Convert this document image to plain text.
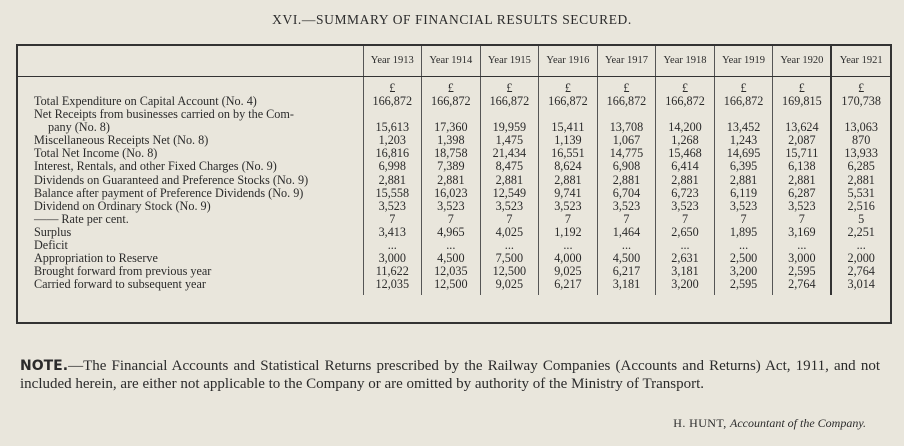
XVI.—SUMMARY OF FINANCIAL RESULTS SECURED.
	Year 1913	Year 1914	Year 1915	Year 1916	Year 1917	Year 1918	Year 1919	Year 1920	Year 1921
	£	£	£	£	£	£	£	£	£
Total Expenditure on Capital Account (No. 4)	166,872	166,872	166,872	166,872	166,872	166,872	166,872	169,815	170,738
Net Receipts from businesses carried on by the Com-									
pany (No. 8)	15,613	17,360	19,959	15,411	13,708	14,200	13,452	13,624	13,063
Miscellaneous Receipts Net (No. 8)	1,203	1,398	1,475	1,139	1,067	1,268	1,243	2,087	870
Total Net Income (No. 8)	16,816	18,758	21,434	16,551	14,775	15,468	14,695	15,711	13,933
Interest, Rentals, and other Fixed Charges (No. 9)	6,998	7,389	8,475	8,624	6,908	6,414	6,395	6,138	6,285
Dividends on Guaranteed and Preference Stocks (No. 9)	2,881	2,881	2,881	2,881	2,881	2,881	2,881	2,881	2,881
Balance after payment of Preference Dividends (No. 9)	15,558	16,023	12,549	9,741	6,704	6,723	6,119	6,287	5,531
Dividend on Ordinary Stock (No. 9)	3,523	3,523	3,523	3,523	3,523	3,523	3,523	3,523	2,516
—— Rate per cent.	7	7	7	7	7	7	7	7	5
Surplus	3,413	4,965	4,025	1,192	1,464	2,650	1,895	3,169	2,251
Deficit	...	...	...	...	...	...	...	...	...
Appropriation to Reserve	3,000	4,500	7,500	4,000	4,500	2,631	2,500	3,000	2,000
Brought forward from previous year	11,622	12,035	12,500	9,025	6,217	3,181	3,200	2,595	2,764
Carried forward to subsequent year	12,035	12,500	9,025	6,217	3,181	3,200	2,595	2,764	3,014

NOTE.—The Financial Accounts and Statistical Returns prescribed by the Railway Companies (Accounts and Returns) Act, 1911, and not included herein, are either not applicable to the Company or are omitted by authority of the Ministry of Transport.
H. HUNT, Accountant of the Company.
